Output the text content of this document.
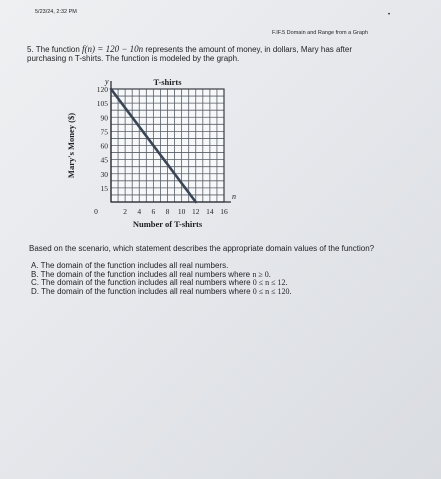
5/23/24, 2:32 PM
F.IF.5 Domain and Range from a Graph
•
5. The function f(n) = 120 − 10n represents the amount of money, in dollars, Mary has after
purchasing n T-shirts. The function is modeled by the graph.
y
n
T-shirts
15
30
45
60
75
90
105
120
0	2 4 6 8 10 12 14 16
Number of T-shirts
Mary's Money ($)
Based on the scenario, which statement describes the appropriate domain values of the function?
A. The domain of the function includes all real numbers.
B. The domain of the function includes all real numbers where n ≥ 0.
C. The domain of the function includes all real numbers where 0 ≤ n ≤ 12.
D. The domain of the function includes all real numbers where 0 ≤ n ≤ 120.
